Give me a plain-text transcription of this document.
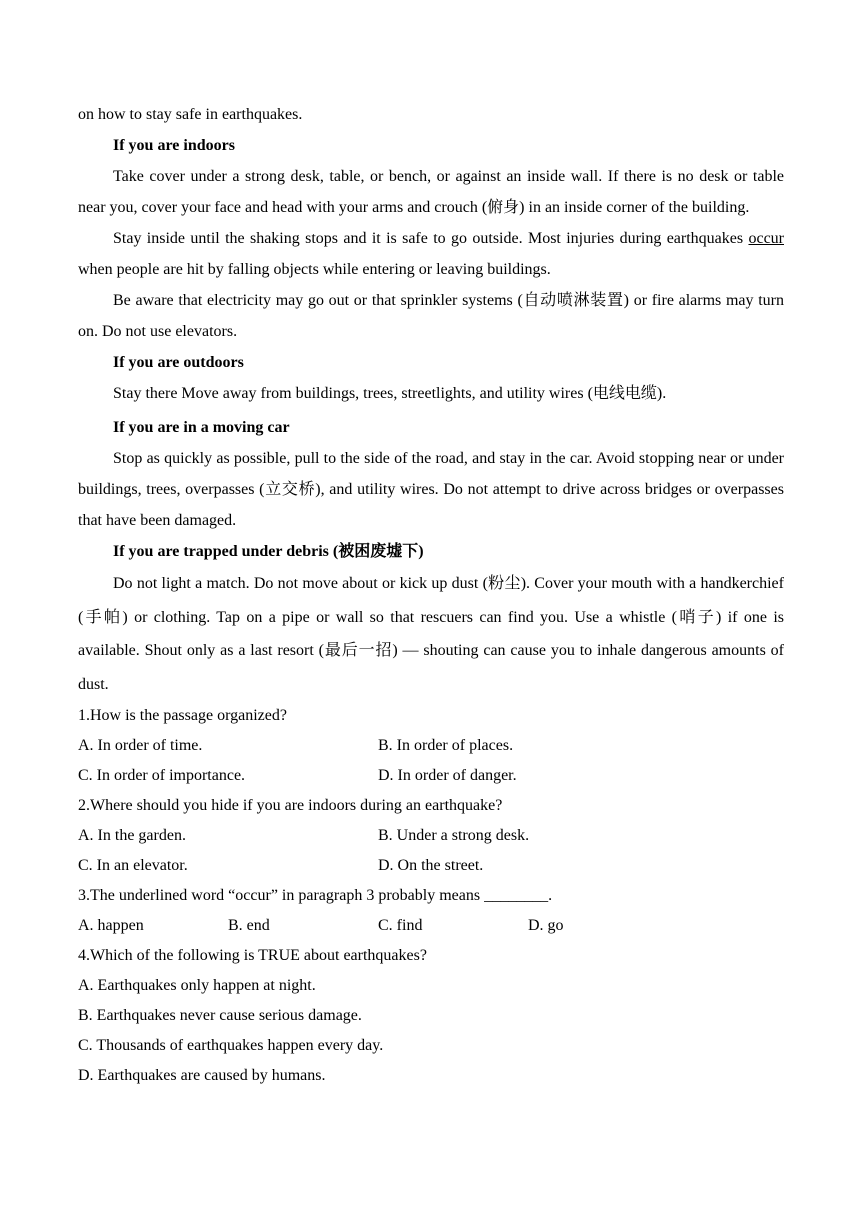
on how to stay safe in earthquakes.

If you are indoors

Take cover under a strong desk, table, or bench, or against an inside wall. If there is no desk or table near you, cover your face and head with your arms and crouch (俯身) in an inside corner of the building.

Stay inside until the shaking stops and it is safe to go outside. Most injuries during earthquakes occur when people are hit by falling objects while entering or leaving buildings.

Be aware that electricity may go out or that sprinkler systems (自动喷淋装置) or fire alarms may turn on. Do not use elevators.

If you are outdoors

Stay there Move away from buildings, trees, streetlights, and utility wires (电线电缆).

If you are in a moving car

Stop as quickly as possible, pull to the side of the road, and stay in the car. Avoid stopping near or under buildings, trees, overpasses (立交桥), and utility wires. Do not attempt to drive across bridges or overpasses that have been damaged.

If you are trapped under debris (被困废墟下)

Do not light a match. Do not move about or kick up dust (粉尘). Cover your mouth with a handkerchief (手帕) or clothing. Tap on a pipe or wall so that rescuers can find you. Use a whistle (哨子) if one is available. Shout only as a last resort (最后一招) — shouting can cause you to inhale dangerous amounts of dust.

1.How is the passage organized?

A. In order of time.	B. In order of places.
C. In order of importance.	D. In order of danger.

2.Where should you hide if you are indoors during an earthquake?

A. In the garden.	B. Under a strong desk.
C. In an elevator.	D. On the street.

3.The underlined word “occur” in paragraph 3 probably means ________.

A. happen	B. end	C. find	D. go

4.Which of the following is TRUE about earthquakes?

A. Earthquakes only happen at night.

B. Earthquakes never cause serious damage.

C. Thousands of earthquakes happen every day.

D. Earthquakes are caused by humans.
